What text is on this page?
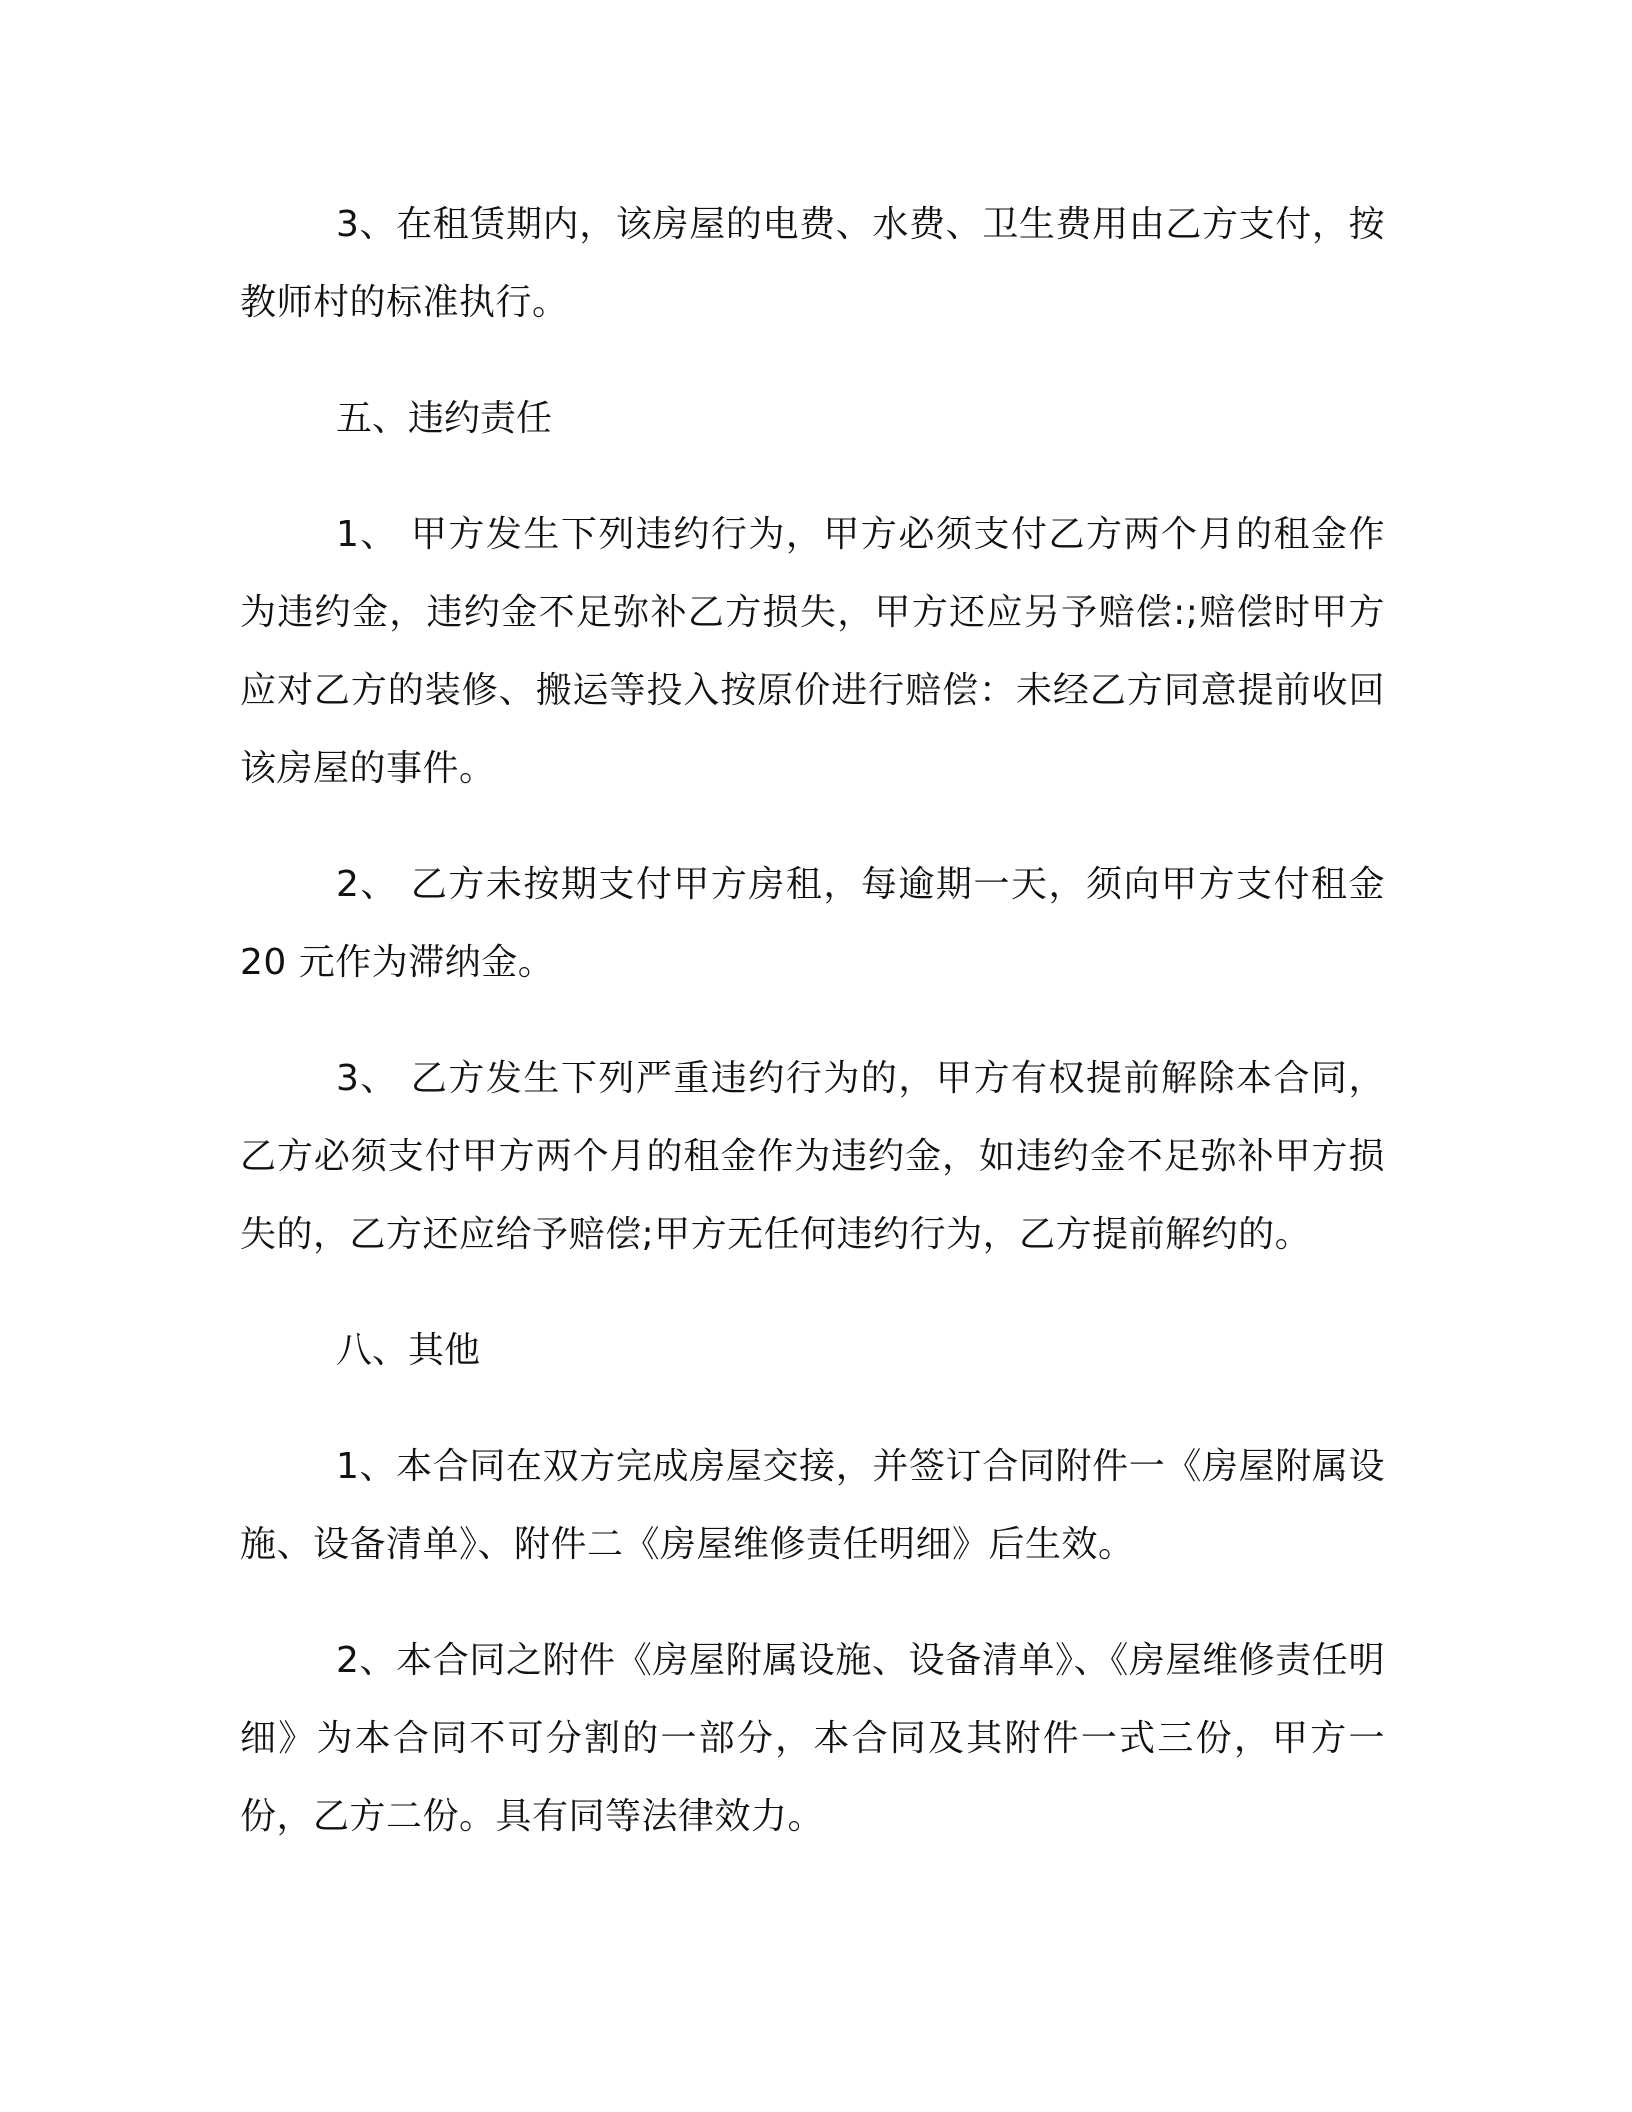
3、在租赁期内，该房屋的电费、水费、卫生费用由乙方支付，按教师村的标准执行。

五、违约责任

1、 甲方发生下列违约行为，甲方必须支付乙方两个月的租金作为违约金，违约金不足弥补乙方损失，甲方还应另予赔偿:;赔偿时甲方应对乙方的装修、搬运等投入按原价进行赔偿：未经乙方同意提前收回该房屋的事件。

2、 乙方未按期支付甲方房租，每逾期一天，须向甲方支付租金 20 元作为滞纳金。

3、 乙方发生下列严重违约行为的，甲方有权提前解除本合同，乙方必须支付甲方两个月的租金作为违约金，如违约金不足弥补甲方损失的，乙方还应给予赔偿;甲方无任何违约行为，乙方提前解约的。

八、其他

1、本合同在双方完成房屋交接，并签订合同附件一《房屋附属设施、设备清单》、附件二《房屋维修责任明细》后生效。

2、本合同之附件《房屋附属设施、设备清单》、《房屋维修责任明细》为本合同不可分割的一部分，本合同及其附件一式三份，甲方一份，乙方二份。具有同等法律效力。
